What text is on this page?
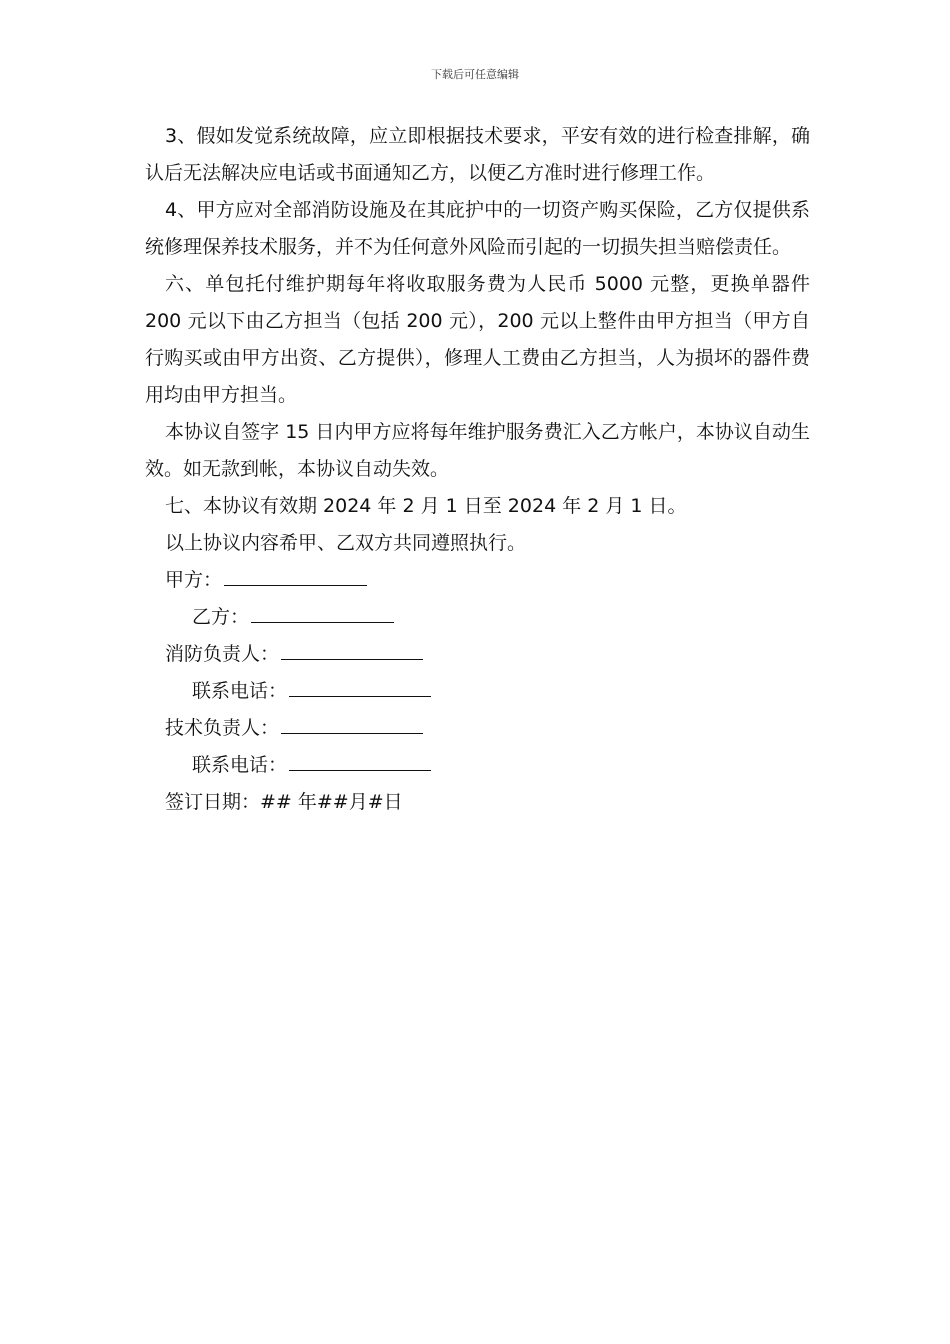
下载后可任意编辑

3、假如发觉系统故障，应立即根据技术要求，平安有效的进行检查排解，确认后无法解决应电话或书面通知乙方，以便乙方准时进行修理工作。

4、甲方应对全部消防设施及在其庇护中的一切资产购买保险，乙方仅提供系统修理保养技术服务，并不为任何意外风险而引起的一切损失担当赔偿责任。

六、单包托付维护期每年将收取服务费为人民币 5000 元整，更换单器件 200 元以下由乙方担当（包括 200 元），200 元以上整件由甲方担当（甲方自行购买或由甲方出资、乙方提供），修理人工费由乙方担当，人为损坏的器件费用均由甲方担当。

本协议自签字 15 日内甲方应将每年维护服务费汇入乙方帐户，本协议自动生效。如无款到帐，本协议自动失效。

七、本协议有效期 2024 年 2 月 1 日至 2024 年 2 月 1 日。

以上协议内容希甲、乙双方共同遵照执行。

甲方：
乙方：
消防负责人：
联系电话：
技术负责人：
联系电话：
签订日期：## 年##月#日
